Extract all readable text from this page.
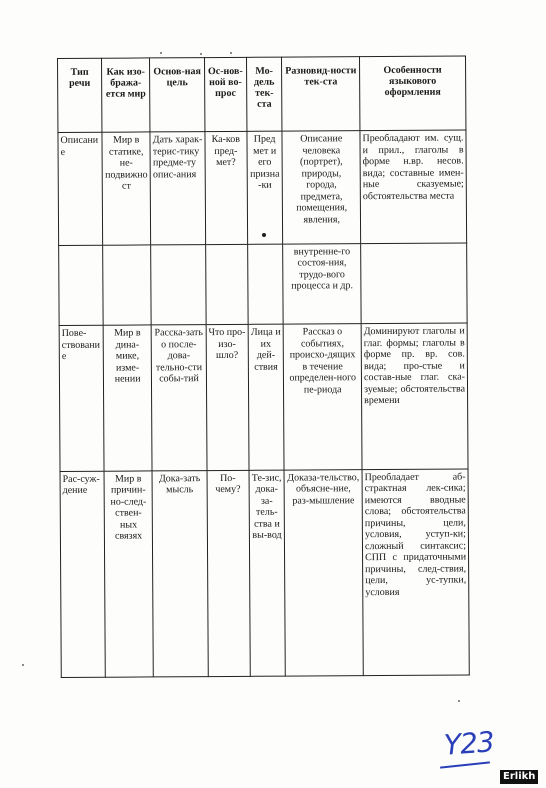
Тип речи	Как изо-бража-ется мир	Основ-ная цель	Ос-нов-ной во-прос	Мо-дель тек-ста	Разновид-ности тек-ста	Особенности языкового оформления
Описание	Мир в статике, не-подвижност	Дать харак-терис-тику предме-ту опис-ания	Ка-ков пред-мет?	Пред мет и его призна-ки	Описание человека (портрет), природы, города, предмета, помещения, явления,	Преобладают им. сущ. и прил., глаголы в форме н.вр. несов. вида; составные имен-ные сказуемые; обстоятельства места
					внутренне-го состоя-ния, трудо-вого процесса и др.	
Пове-ствование	Мир в дина-мике, изме-нении	Расска-зать о после-дова-тельно-сти собы-тий	Что про-изо-шло?	Лица и их дей-ствия	Рассказ о событиях, происхо-дящих в течение определен-ного пе-риода	Доминируют глаголы и глаг. формы; глаголы в форме пр. вр. сов. вида; про-стые и состав-ные глаг. ска-зуемые; обстоятельства времени
Рас-суж-дение	Мир в причин-но-след-ствен-ных связях	Дока-зать мысль	По-чему?	Те-зис, дока-за-тель-ства и вы-вод	Доказа-тельство, объясне-ние, раз-мышление	Преобладает аб-страктная лек-сика; имеются вводные слова; обстоятельства причины, цели, условия, уступ-ки; сложный синтаксис; СПП с придаточными причины, след-ствия, цели, ус-тупки, условия
Y23
Erlikh
